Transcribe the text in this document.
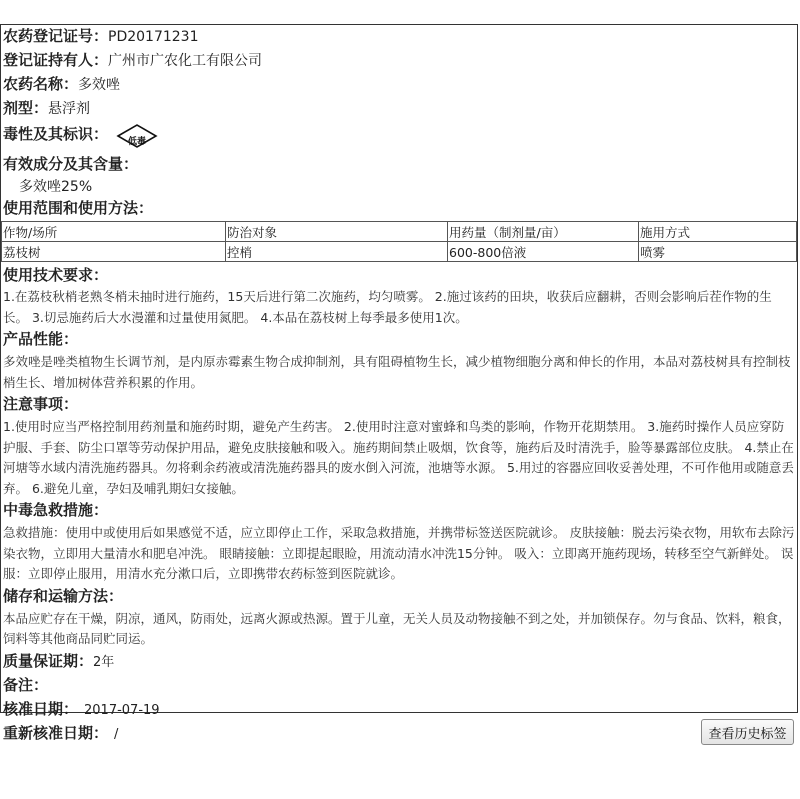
农药登记证号：PD20171231
登记证持有人：广州市广农化工有限公司
农药名称：多效唑
剂型：悬浮剂
毒性及其标识：	低毒
有效成分及其含量：
多效唑25%
使用范围和使用方法：
作物/场所	防治对象	用药量（制剂量/亩）	施用方式
荔枝树	控梢	600-800倍液	喷雾
使用技术要求：
1.在荔枝秋梢老熟冬梢未抽时进行施药，15天后进行第二次施药，均匀喷雾。 2.施过该药的田块，收获后应翻耕，否则会影响后茬作物的生长。 3.切忌施药后大水漫灌和过量使用氮肥。 4.本品在荔枝树上每季最多使用1次。
产品性能：
多效唑是唑类植物生长调节剂，是内原赤霉素生物合成抑制剂，具有阻碍植物生长，减少植物细胞分离和伸长的作用，本品对荔枝树具有控制枝梢生长、增加树体营养积累的作用。
注意事项：
1.使用时应当严格控制用药剂量和施药时期，避免产生药害。 2.使用时注意对蜜蜂和鸟类的影响，作物开花期禁用。 3.施药时操作人员应穿防护服、手套、防尘口罩等劳动保护用品，避免皮肤接触和吸入。施药期间禁止吸烟，饮食等，施药后及时清洗手，脸等暴露部位皮肤。 4.禁止在河塘等水域内清洗施药器具。勿将剩余药液或清洗施药器具的废水倒入河流，池塘等水源。 5.用过的容器应回收妥善处理，不可作他用或随意丢弃。 6.避免儿童，孕妇及哺乳期妇女接触。
中毒急救措施：
急救措施：使用中或使用后如果感觉不适，应立即停止工作，采取急救措施，并携带标签送医院就诊。 皮肤接触：脱去污染衣物，用软布去除污染衣物，立即用大量清水和肥皂冲洗。 眼睛接触：立即提起眼睑，用流动清水冲洗15分钟。 吸入：立即离开施药现场，转移至空气新鲜处。 误服：立即停止服用，用清水充分漱口后，立即携带农药标签到医院就诊。
储存和运输方法：
本品应贮存在干燥，阴凉，通风，防雨处，远离火源或热源。置于儿童，无关人员及动物接触不到之处，并加锁保存。勿与食品、饮料，粮食，饲料等其他商品同贮同运。
质量保证期：2年
备注：
核准日期： 2017-07-19
重新核准日期： /	查看历史标签
